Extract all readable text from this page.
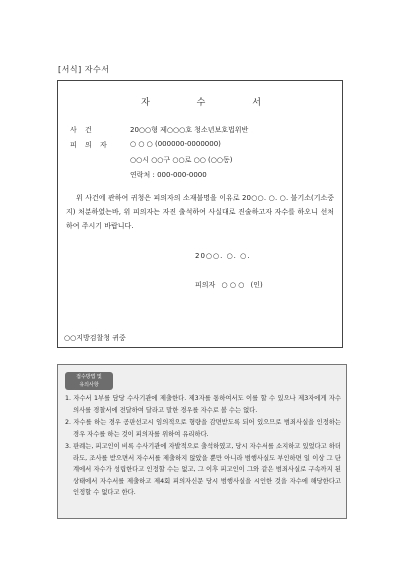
[서식] 자수서
자 수 서
사 건	20○○형 제○○○호 청소년보호법위반
피 의 자	○ ○ ○ (000000-0000000)
○○시 ○○구 ○○로 ○○ (○○동)
연락처 : 000-000-0000
위 사건에 관하여 귀청은 피의자의 소재불명을 이유로 20○○. ○. ○. 불기소(기소중지) 처분하였는바, 위 피의자는 자진 출석하여 사실대로 진술하고자 자수를 하오니 선처하여 주시기 바랍니다.
20○○. ○. ○.
피의자 ○ ○ ○ (인)
○○지방검찰청 귀중
접수방법 및
유의사항
1. 자수서 1부를 담당 수사기관에 제출한다. 제3자를 통하여서도 이를 할 수 있으나 제3자에게 자수의사를 경찰서에 전달하여 달라고 말한 경우를 자수로 볼 수는 없다.
2. 자수를 하는 경우 공판선고시 임의적으로 형량을 감면받도록 되어 있으므로 범죄사실을 인정하는 경우 자수를 하는 것이 피의자를 위하여 유리하다.
3. 판례는, 피고인이 비록 수사기관에 자발적으로 출석하였고, 당시 자수서를 소지하고 있었다고 하더라도, 조사를 받으면서 자수서를 제출하지 않았을 뿐만 아니라 범행사실도 부인하면 일 이상 그 단계에서 자수가 성립한다고 인정할 수는 없고, 그 이후 피고인이 그와 같은 범죄사실로 구속까지 된 상태에서 자수서를 제출하고 제4회 피의자신문 당시 범행사실을 시인한 것을 자수에 해당한다고 인정할 수 없다고 한다.
